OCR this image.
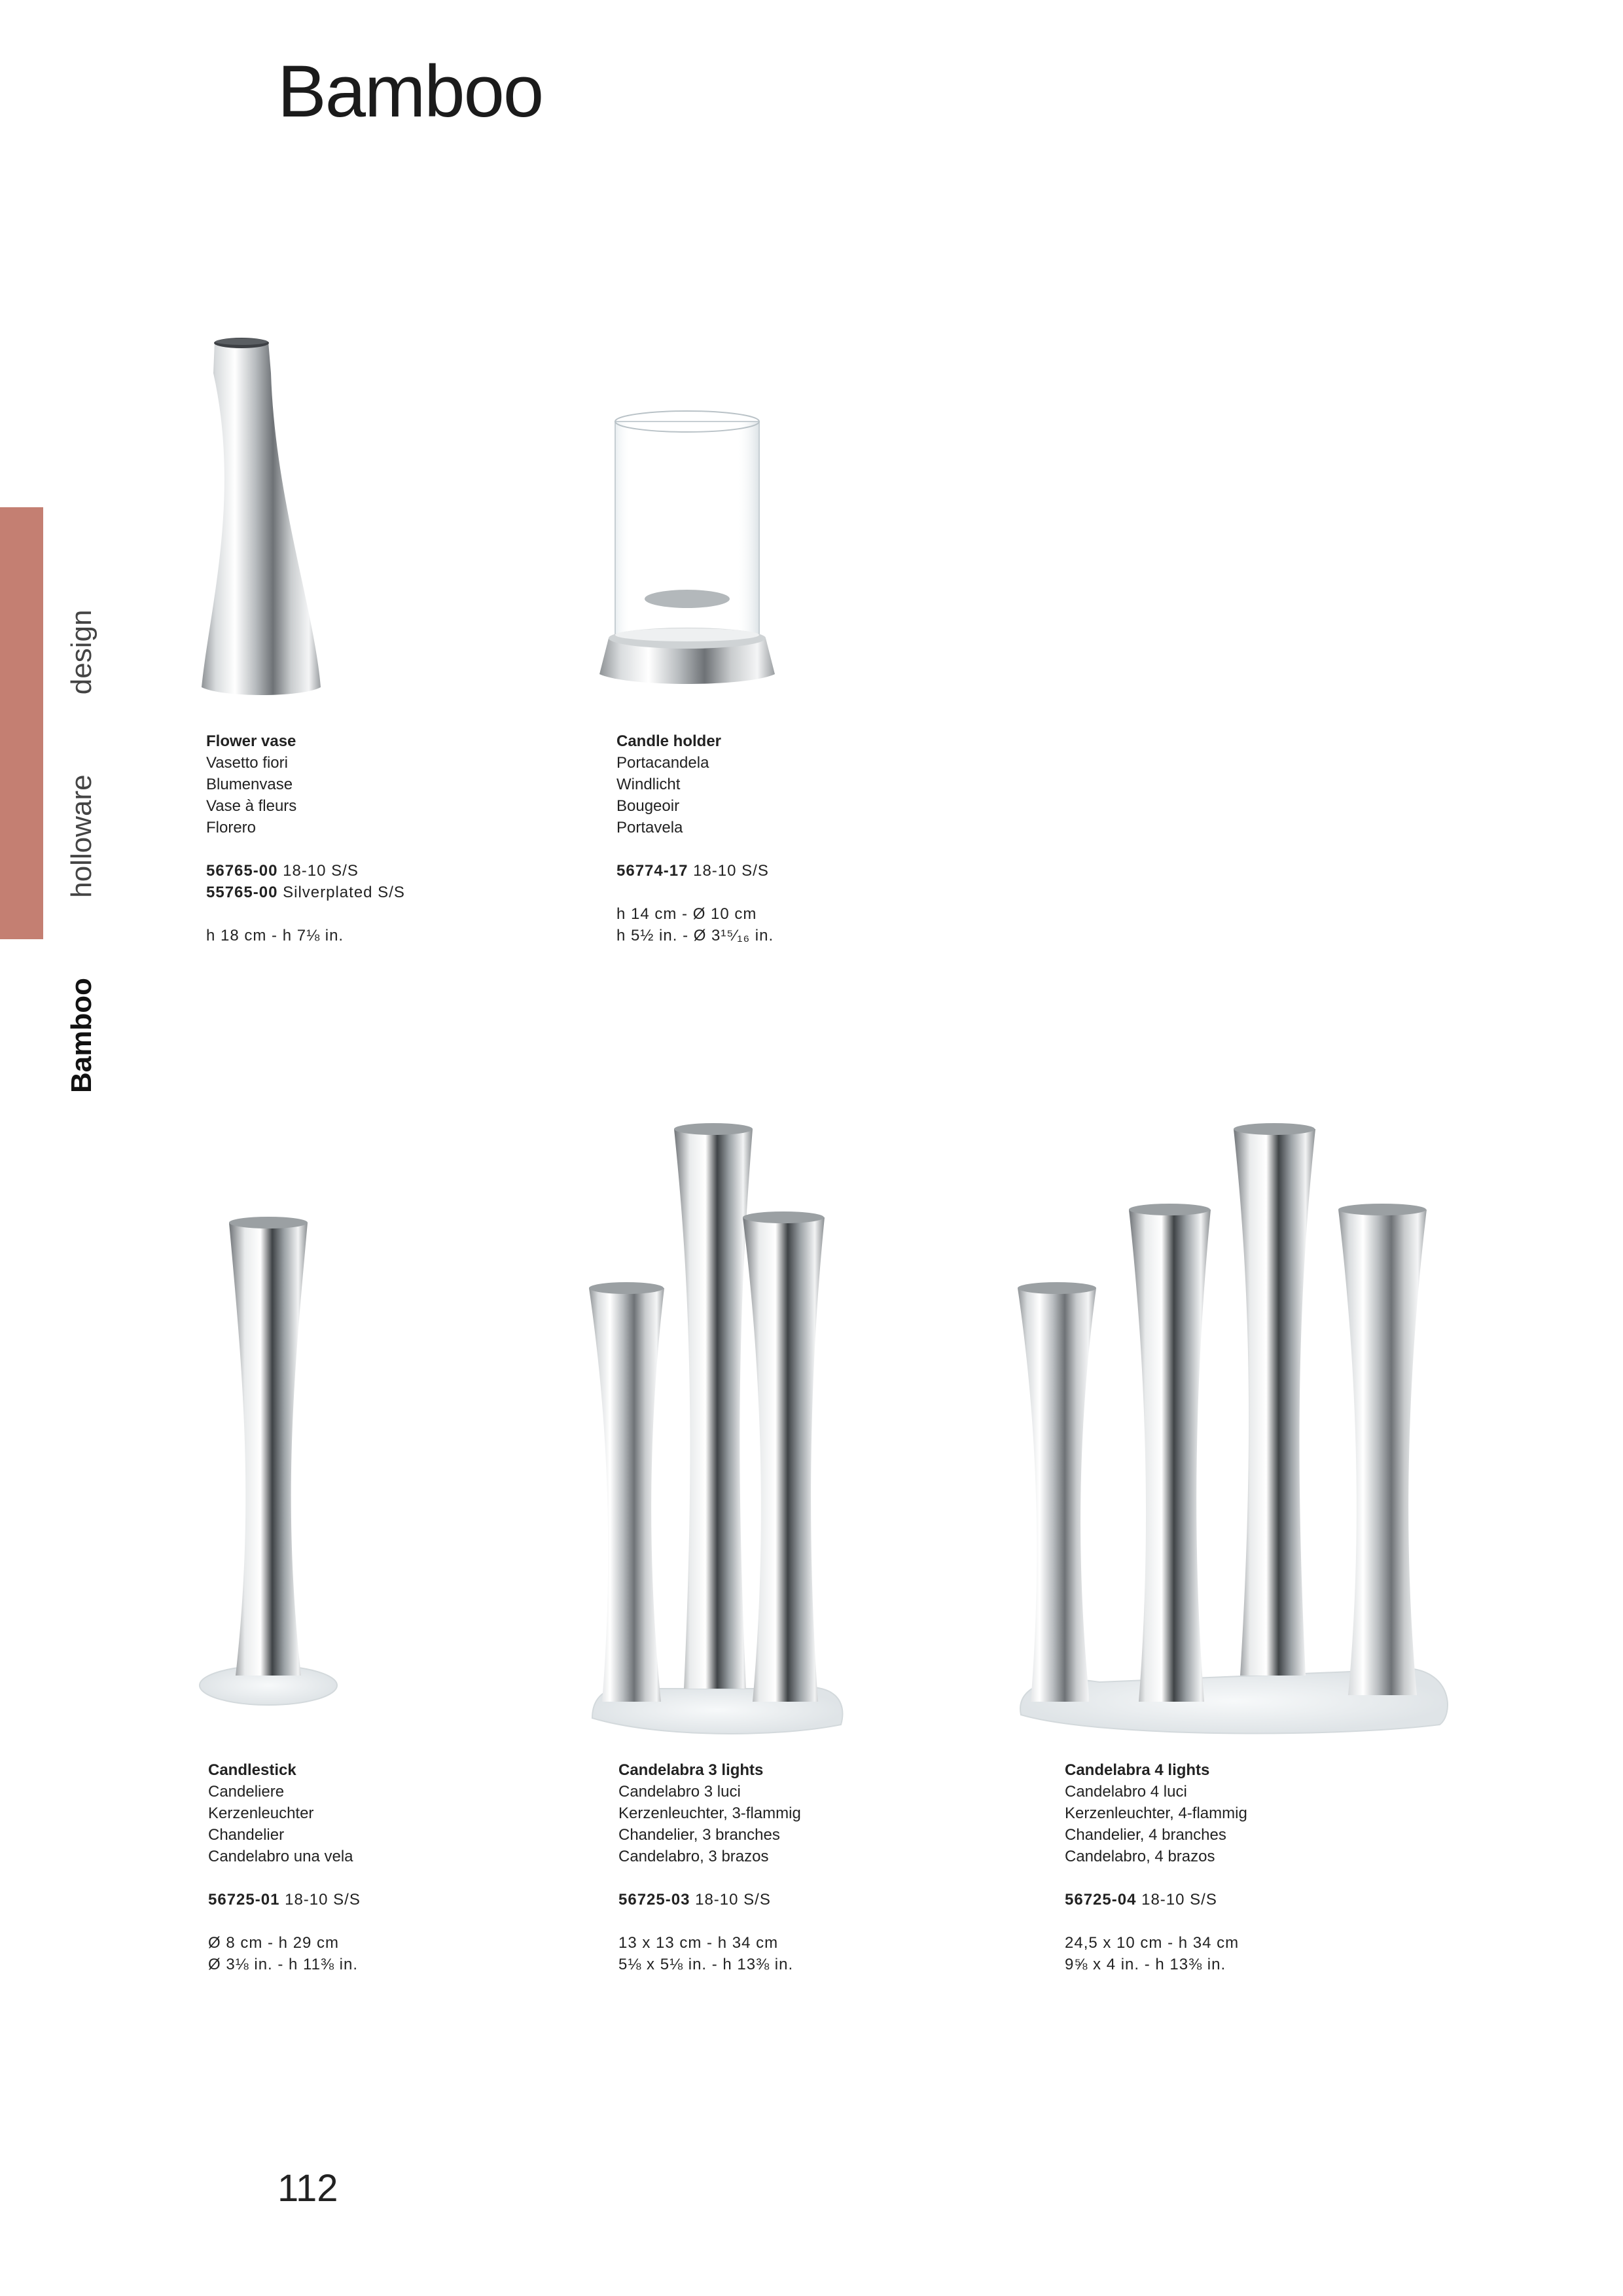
Bamboo
Bamboo holloware design
Flower vase
Vasetto fiori
Blumenvase
Vase à fleurs
Florero
56765-00 18-10 S/S
55765-00 Silverplated S/S
h 18 cm - h 7⅛ in.
Candle holder
Portacandela
Windlicht
Bougeoir
Portavela
56774-17 18-10 S/S
h 14 cm - Ø 10 cm
h 5½ in. - Ø 3¹⁵⁄₁₆ in.
Candlestick
Candeliere
Kerzenleuchter
Chandelier
Candelabro una vela
56725-01 18-10 S/S
Ø 8 cm - h 29 cm
Ø 3⅛ in. - h 11⅜ in.
Candelabra 3 lights
Candelabro 3 luci
Kerzenleuchter, 3-flammig
Chandelier, 3 branches
Candelabro, 3 brazos
56725-03 18-10 S/S
13 x 13 cm - h 34 cm
5⅛ x 5⅛ in. - h 13⅜ in.
Candelabra 4 lights
Candelabro 4 luci
Kerzenleuchter, 4-flammig
Chandelier, 4 branches
Candelabro, 4 brazos
56725-04 18-10 S/S
24,5 x 10 cm - h 34 cm
9⅝ x 4 in. - h 13⅜ in.
112
